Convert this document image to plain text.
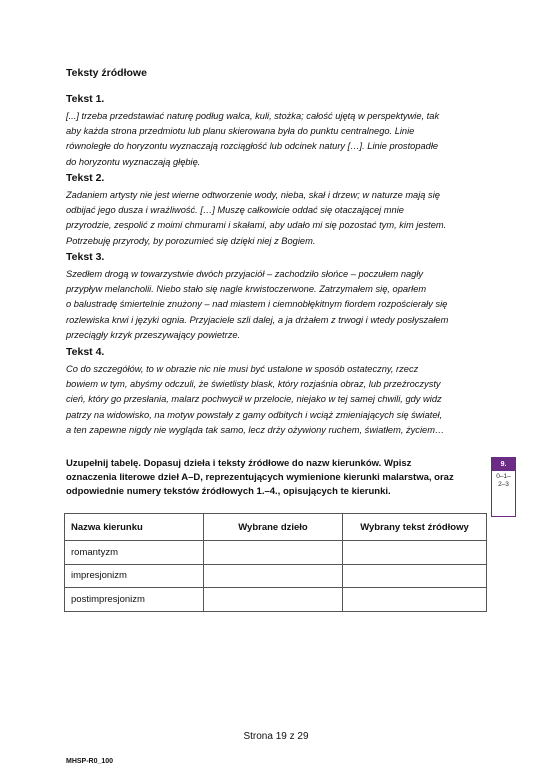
Teksty źródłowe
Tekst 1.
[...] trzeba przedstawiać naturę podług walca, kuli, stożka; całość ujętą w perspektywie, tak
aby każda strona przedmiotu lub planu skierowana była do punktu centralnego. Linie
równoległe do horyzontu wyznaczają rozciągłość lub odcinek natury […]. Linie prostopadłe
do horyzontu wyznaczają głębię.
Tekst 2.
Zadaniem artysty nie jest wierne odtworzenie wody, nieba, skał i drzew; w naturze mają się
odbijać jego dusza i wrażliwość. […] Muszę całkowicie oddać się otaczającej mnie
przyrodzie, zespolić z moimi chmurami i skałami, aby udało mi się pozostać tym, kim jestem.
Potrzebuję przyrody, by porozumieć się dzięki niej z Bogiem.
Tekst 3.
Szedłem drogą w towarzystwie dwóch przyjaciół – zachodziło słońce – poczułem nagły
przypływ melancholii. Niebo stało się nagle krwistoczerwone. Zatrzymałem się, oparłem
o balustradę śmiertelnie znużony – nad miastem i ciemnobłękitnym fiordem rozpościerały się
rozlewiska krwi i języki ognia. Przyjaciele szli dalej, a ja drżałem z trwogi i wtedy posłyszałem
przeciągły krzyk przeszywający powietrze.
Tekst 4.
Co do szczegółów, to w obrazie nic nie musi być ustalone w sposób ostateczny, rzecz
bowiem w tym, abyśmy odczuli, że świetlisty blask, który rozjaśnia obraz, lub przeźroczysty
cień, który go przesłania, malarz pochwycił w przelocie, niejako w tej samej chwili, gdy widz
patrzy na widowisko, na motyw powstały z gamy odbitych i wciąż zmieniających się świateł,
a ten zapewne nigdy nie wygląda tak samo, lecz drży ożywiony ruchem, światłem, życiem…
Uzupełnij tabelę. Dopasuj dzieła i teksty źródłowe do nazw kierunków. Wpisz
oznaczenia literowe dzieł A–D, reprezentujących wymienione kierunki malarstwa, oraz
odpowiednie numery tekstów źródłowych 1.–4., opisujących te kierunki.
9.
0–1–
2–3
Nazwa kierunku	Wybrane dzieło	Wybrany tekst źródłowy
romantyzm		
impresjonizm		
postimpresjonizm		
Strona 19 z 29
MHSP-R0_100
